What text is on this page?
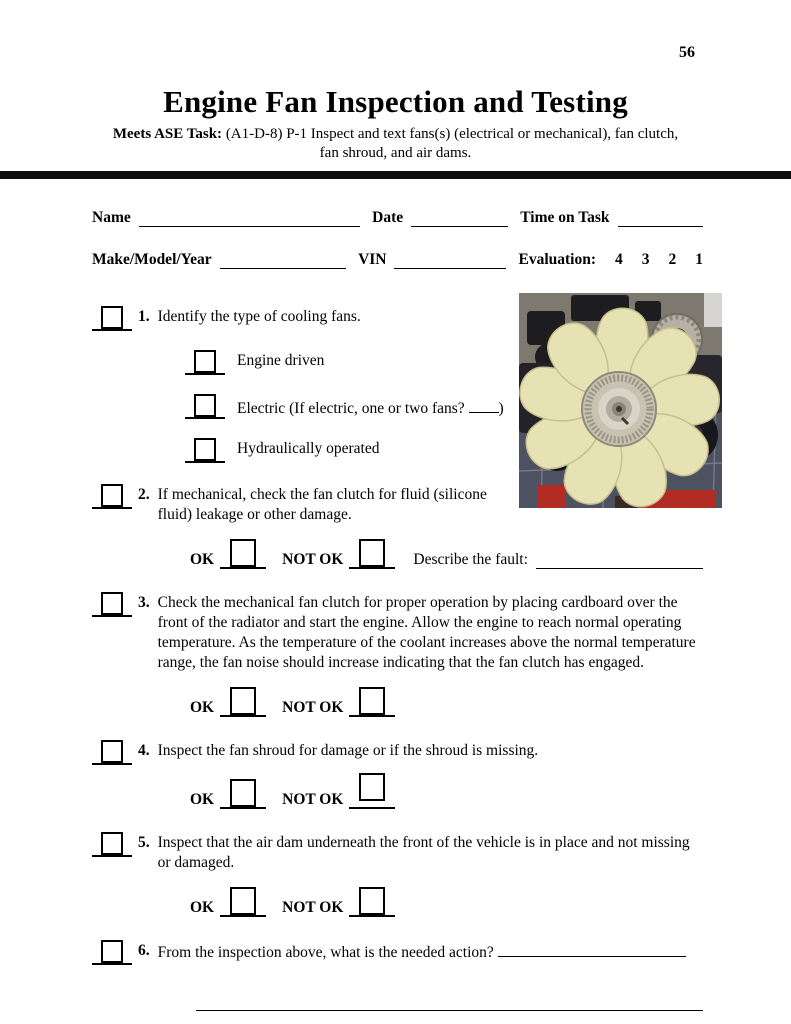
56
Engine Fan Inspection and Testing
Meets ASE Task: (A1-D-8) P-1 Inspect and text fans(s) (electrical or mechanical), fan clutch,
fan shroud, and air dams.
Name	Date	Time on Task
Make/Model/Year	VIN	Evaluation: 4 3 2 1
1. Identify the type of cooling fans.
Engine driven
Electric (If electric, one or two fans? )
Hydraulically operated
2. If mechanical, check the fan clutch for fluid (silicone fluid) leakage or other damage.
OK	NOT OK	Describe the fault:
3. Check the mechanical fan clutch for proper operation by placing cardboard over the front of the radiator and start the engine. Allow the engine to reach normal operating temperature. As the temperature of the coolant increases above the normal temperature range, the fan noise should increase indicating that the fan clutch has engaged.
OK	NOT OK
4. Inspect the fan shroud for damage or if the shroud is missing.
OK	NOT OK
5. Inspect that the air dam underneath the front of the vehicle is in place and not missing or damaged.
OK	NOT OK
6. From the inspection above, what is the needed action?
